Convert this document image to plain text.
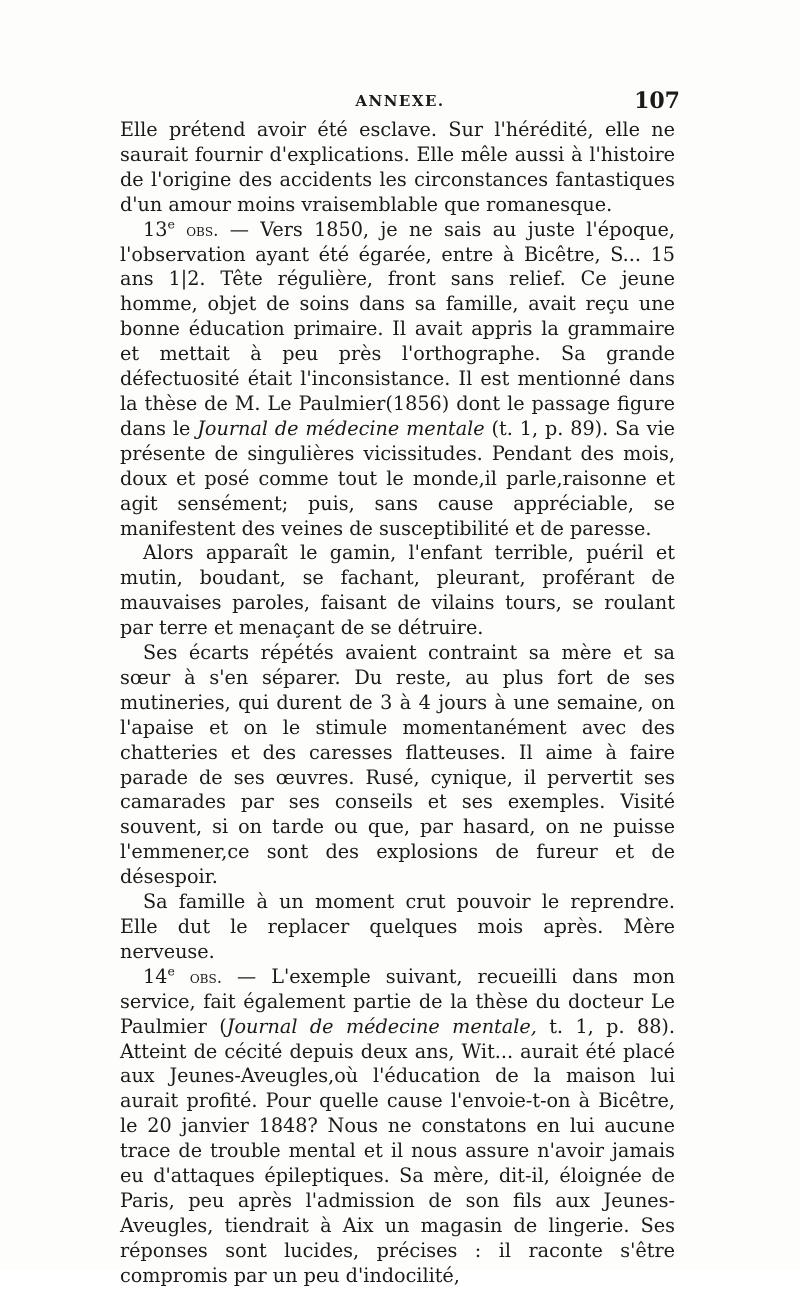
ANNEXE.	107

Elle prétend avoir été esclave. Sur l'hérédité, elle ne saurait fournir d'explications. Elle mêle aussi à l'histoire de l'origine des accidents les circonstances fantastiques d'un amour moins vraisemblable que romanesque.

13e obs. — Vers 1850, je ne sais au juste l'époque, l'observation ayant été égarée, entre à Bicêtre, S... 15 ans 1|2. Tête régulière, front sans relief. Ce jeune homme, objet de soins dans sa famille, avait reçu une bonne éducation primaire. Il avait appris la grammaire et mettait à peu près l'orthographe. Sa grande défectuosité était l'inconsistance. Il est mentionné dans la thèse de M. Le Paulmier(1856) dont le passage figure dans le Journal de médecine mentale (t. 1, p. 89). Sa vie présente de singulières vicissitudes. Pendant des mois, doux et posé comme tout le monde,il parle,raisonne et agit sensément; puis, sans cause appréciable, se manifestent des veines de susceptibilité et de paresse.

Alors apparaît le gamin, l'enfant terrible, puéril et mutin, boudant, se fachant, pleurant, proférant de mauvaises paroles, faisant de vilains tours, se roulant par terre et menaçant de se détruire.

Ses écarts répétés avaient contraint sa mère et sa sœur à s'en séparer. Du reste, au plus fort de ses mutineries, qui durent de 3 à 4 jours à une semaine, on l'apaise et on le stimule momentanément avec des chatteries et des caresses flatteuses. Il aime à faire parade de ses œuvres. Rusé, cynique, il pervertit ses camarades par ses conseils et ses exemples. Visité souvent, si on tarde ou que, par hasard, on ne puisse l'emmener,ce sont des explosions de fureur et de désespoir.

Sa famille à un moment crut pouvoir le reprendre. Elle dut le replacer quelques mois après. Mère nerveuse.

14e obs. — L'exemple suivant, recueilli dans mon service, fait également partie de la thèse du docteur Le Paulmier (Journal de médecine mentale, t. 1, p. 88). Atteint de cécité depuis deux ans, Wit... aurait été placé aux Jeunes-Aveugles,où l'éducation de la maison lui aurait profité. Pour quelle cause l'envoie-t-on à Bicêtre, le 20 janvier 1848? Nous ne constatons en lui aucune trace de trouble mental et il nous assure n'avoir jamais eu d'attaques épileptiques. Sa mère, dit-il, éloignée de Paris, peu après l'admission de son fils aux Jeunes-Aveugles, tiendrait à Aix un magasin de lingerie. Ses réponses sont lucides, précises : il raconte s'être compromis par un peu d'indocilité,
